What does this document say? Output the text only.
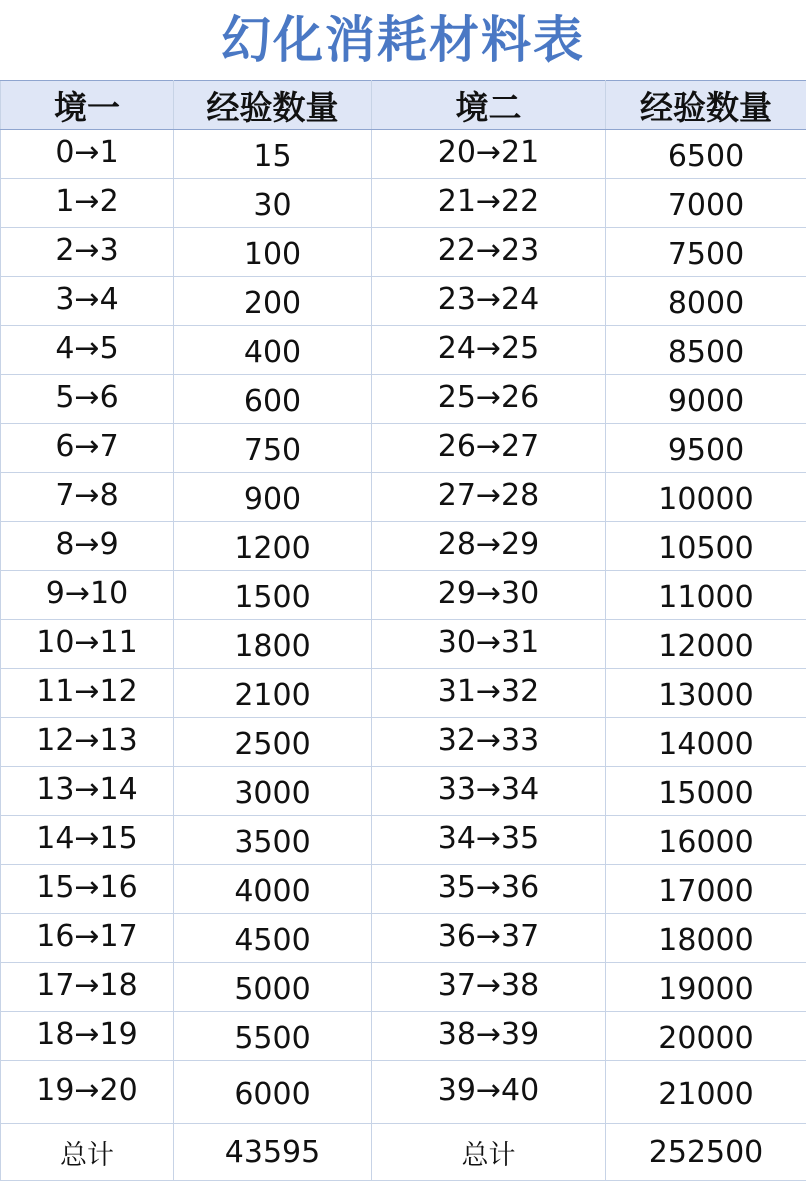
幻化消耗材料表
境一	经验数量	境二	经验数量
0→1	15	20→21	6500
1→2	30	21→22	7000
2→3	100	22→23	7500
3→4	200	23→24	8000
4→5	400	24→25	8500
5→6	600	25→26	9000
6→7	750	26→27	9500
7→8	900	27→28	10000
8→9	1200	28→29	10500
9→10	1500	29→30	11000
10→11	1800	30→31	12000
11→12	2100	31→32	13000
12→13	2500	32→33	14000
13→14	3000	33→34	15000
14→15	3500	34→35	16000
15→16	4000	35→36	17000
16→17	4500	36→37	18000
17→18	5000	37→38	19000
18→19	5500	38→39	20000
19→20	6000	39→40	21000
总计	43595	总计	252500
